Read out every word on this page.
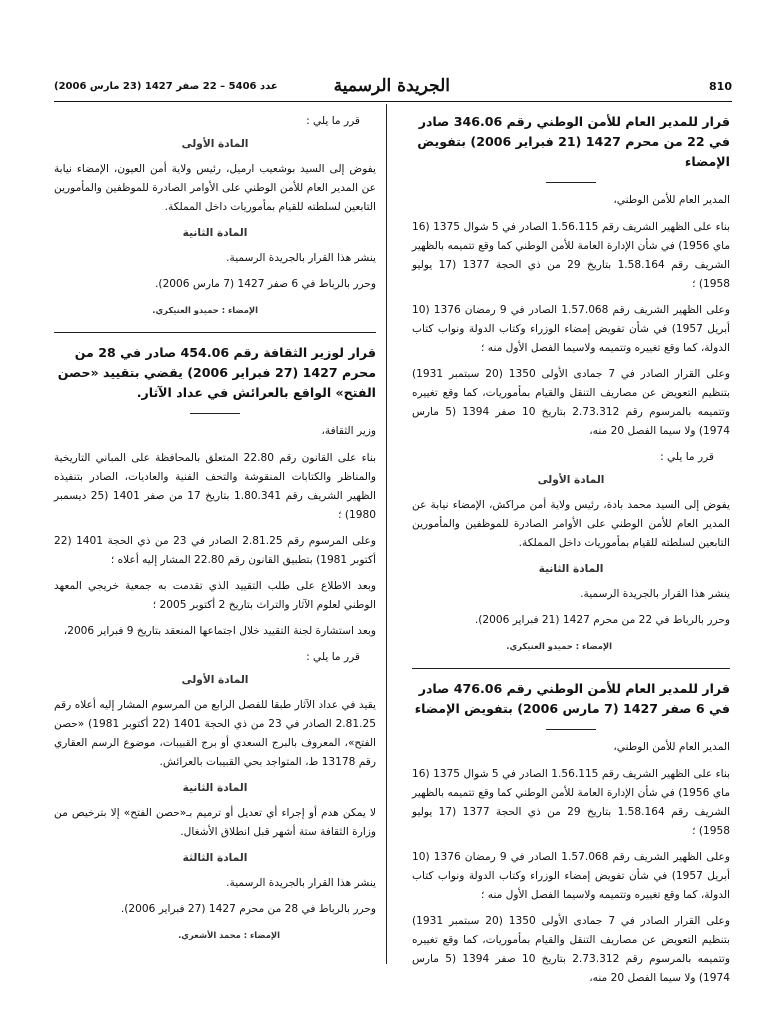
810
الجريدة الرسمية
عدد 5406 – 22 صفر 1427 (23 مارس 2006)
قرار للمدير العام للأمن الوطني رقم 346.06 صادر في 22 من محرم 1427 (21 فبراير 2006) بتفويض الإمضاء

المدير العام للأمن الوطني،

بناء على الظهير الشريف رقم 1.56.115 الصادر في 5 شوال 1375 (16 ماي 1956) في شأن الإدارة العامة للأمن الوطني كما وقع تتميمه بالظهير الشريف رقم 1.58.164 بتاريخ 29 من ذي الحجة 1377 (17 يوليو 1958) ؛

وعلى الظهير الشريف رقم 1.57.068 الصادر في 9 رمضان 1376 (10 أبريل 1957) في شأن تفويض إمضاء الوزراء وكتاب الدولة ونواب كتاب الدولة، كما وقع تغييره وتتميمه ولاسيما الفصل الأول منه ؛

وعلى القرار الصادر في 7 جمادى الأولى 1350 (20 سبتمبر 1931) بتنظيم التعويض عن مصاريف التنقل والقيام بمأموريات، كما وقع تغييره وتتميمه بالمرسوم رقم 2.73.312 بتاريخ 10 صفر 1394 (5 مارس 1974) ولا سيما الفصل 20 منه،

قرر ما يلي :

المادة الأولى

يفوض إلى السيد محمد بادة، رئيس ولاية أمن مراكش، الإمضاء نيابة عن المدير العام للأمن الوطني على الأوامر الصادرة للموظفين والمأمورين التابعين لسلطته للقيام بمأموريات داخل المملكة.

المادة الثانية

ينشر هذا القرار بالجريدة الرسمية.

وحرر بالرباط في 22 من محرم 1427 (21 فبراير 2006).

الإمضاء : حميدو العنيكري.
قرار للمدير العام للأمن الوطني رقم 476.06 صادر في 6 صفر 1427 (7 مارس 2006) بتفويض الإمضاء

المدير العام للأمن الوطني،

بناء على الظهير الشريف رقم 1.56.115 الصادر في 5 شوال 1375 (16 ماي 1956) في شأن الإدارة العامة للأمن الوطني كما وقع تتميمه بالظهير الشريف رقم 1.58.164 بتاريخ 29 من ذي الحجة 1377 (17 يوليو 1958) ؛

وعلى الظهير الشريف رقم 1.57.068 الصادر في 9 رمضان 1376 (10 أبريل 1957) في شأن تفويض إمضاء الوزراء وكتاب الدولة ونواب كتاب الدولة، كما وقع تغييره وتتميمه ولاسيما الفصل الأول منه ؛

وعلى القرار الصادر في 7 جمادى الأولى 1350 (20 سبتمبر 1931) بتنظيم التعويض عن مصاريف التنقل والقيام بمأموريات، كما وقع تغييره وتتميمه بالمرسوم رقم 2.73.312 بتاريخ 10 صفر 1394 (5 مارس 1974) ولا سيما الفصل 20 منه،

قرر ما يلي :

المادة الأولى

يفوض إلى السيد بوشعيب ارميل، رئيس ولاية أمن العيون، الإمضاء نيابة عن المدير العام للأمن الوطني على الأوامر الصادرة للموظفين والمأمورين التابعين لسلطته للقيام بمأموريات داخل المملكة.

المادة الثانية

ينشر هذا القرار بالجريدة الرسمية.

وحرر بالرباط في 6 صفر 1427 (7 مارس 2006).

الإمضاء : حميدو العنيكري.
قرار لوزير الثقافة رقم 454.06 صادر في 28 من محرم 1427 (27 فبراير 2006) يقضي بتقييد «حصن الفتح» الواقع بالعرائش في عداد الآثار.

وزير الثقافة،

بناء على القانون رقم 22.80 المتعلق بالمحافظة على المباني التاريخية والمناظر والكتابات المنقوشة والتحف الفنية والعاديات، الصادر بتنفيذه الظهير الشريف رقم 1.80.341 بتاريخ 17 من صفر 1401 (25 ديسمبر 1980) ؛

وعلى المرسوم رقم 2.81.25 الصادر في 23 من ذي الحجة 1401 (22 أكتوبر 1981) بتطبيق القانون رقم 22.80 المشار إليه أعلاه ؛

وبعد الاطلاع على طلب التقييد الذي تقدمت به جمعية خريجي المعهد الوطني لعلوم الآثار والتراث بتاريخ 2 أكتوبر 2005 ؛

وبعد استشارة لجنة التقييد خلال اجتماعها المنعقد بتاريخ 9 فبراير 2006،

قرر ما يلي :

المادة الأولى

يقيد في عداد الآثار طبقا للفصل الرابع من المرسوم المشار إليه أعلاه رقم 2.81.25 الصادر في 23 من ذي الحجة 1401 (22 أكتوبر 1981) «حصن الفتح»، المعروف بالبرج السعدي أو برج القبيبات، موضوع الرسم العقاري رقم 13178 ط، المتواجد بحي القبيبات بالعرائش.

المادة الثانية

لا يمكن هدم أو إجراء أي تعديل أو ترميم بـ«حصن الفتح» إلا بترخيص من وزارة الثقافة ستة أشهر قبل انطلاق الأشغال.

المادة الثالثة

ينشر هذا القرار بالجريدة الرسمية.

وحرر بالرباط في 28 من محرم 1427 (27 فبراير 2006).

الإمضاء : محمد الأشعري.
